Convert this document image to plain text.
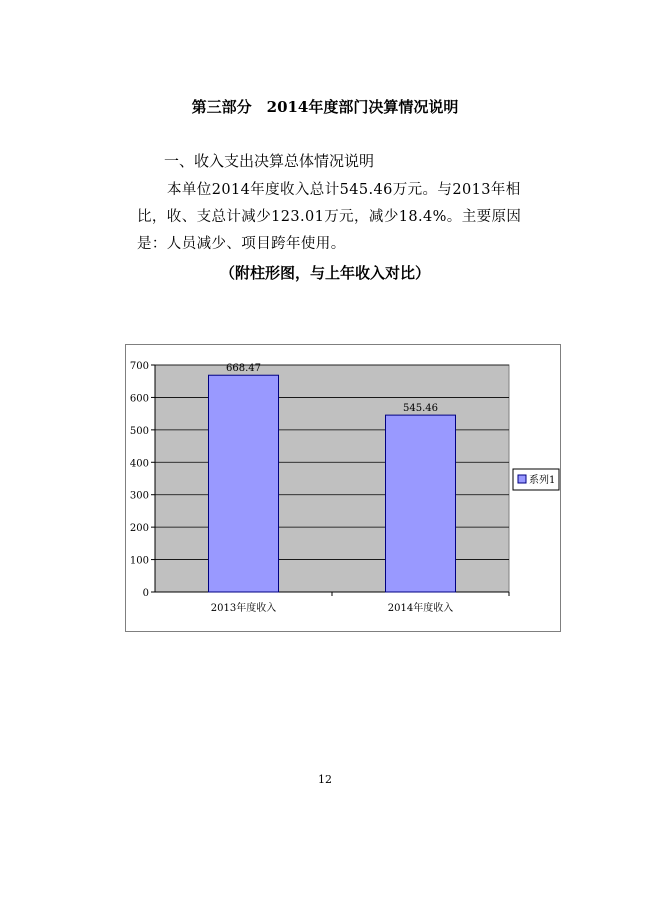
第三部分　2014年度部门决算情况说明
一、收入支出决算总体情况说明
本单位2014年度收入总计545.46万元。与2013年相比，收、支总计减少123.01万元，减少18.4%。主要原因是：人员减少、项目跨年使用。
（附柱形图，与上年收入对比）
0
100
200
300
400
500
600
700	668.47
2013年度收入
545.46
2014年度收入
系列1
12
